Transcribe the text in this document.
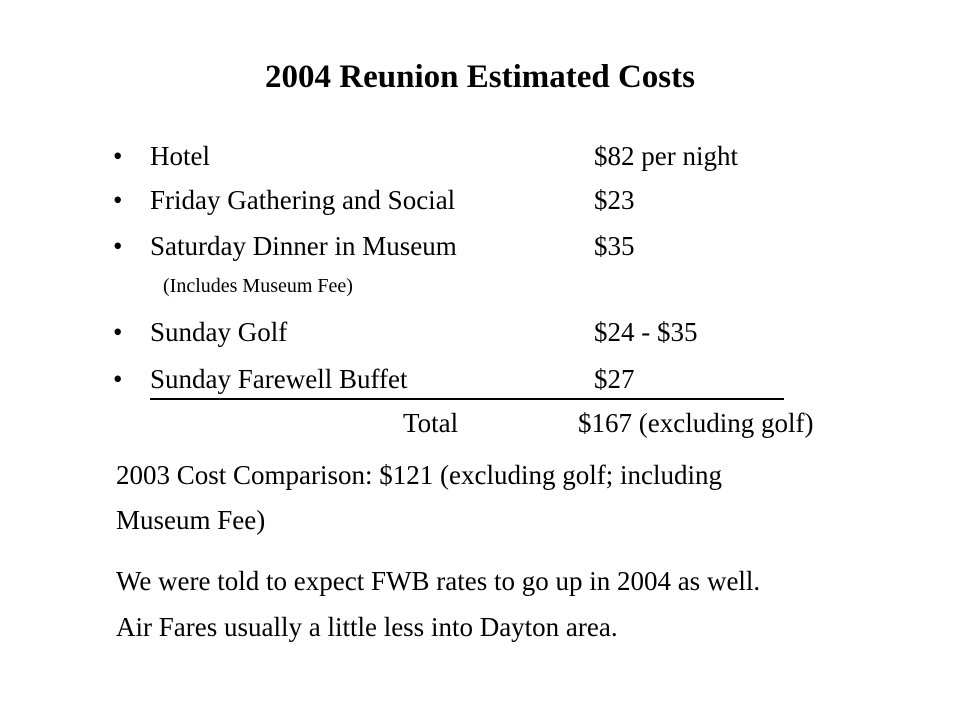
2004 Reunion Estimated Costs
• Hotel	$82 per night
• Friday Gathering and Social	$23
• Saturday Dinner in Museum	$35
(Includes Museum Fee)
• Sunday Golf	$24 - $35
• Sunday Farewell Buffet	$27
Total	$167 (excluding golf)
2003 Cost Comparison: $121 (excluding golf; including
Museum Fee)
We were told to expect FWB rates to go up in 2004 as well.
Air Fares usually a little less into Dayton area.
